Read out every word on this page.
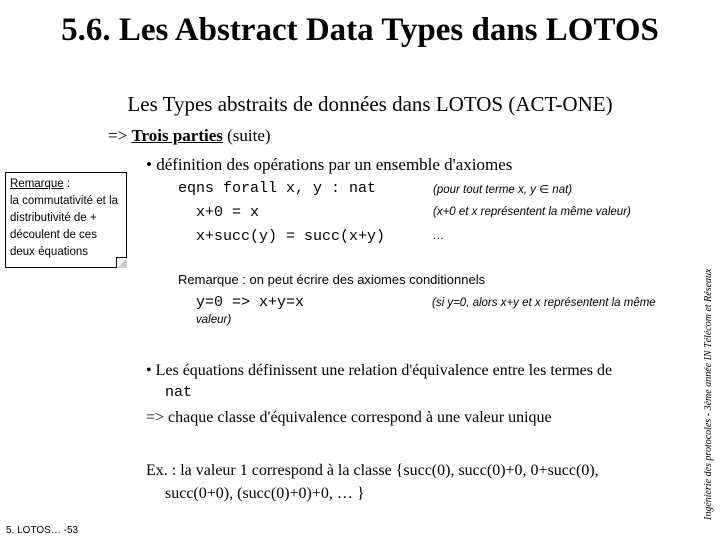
5.6. Les Abstract Data Types dans LOTOS
Les Types abstraits de données dans LOTOS (ACT-ONE)
=> Trois parties (suite)
• définition des opérations par un ensemble d'axiomes
Remarque :
la commutativité et la distributivité de + découlent de ces deux équations
eqns forall x, y : nat	(pour tout terme x, y ∈ nat)
x+0 = x	(x+0 et x représentent la même valeur)
x+succ(y) = succ(x+y)	…
Remarque : on peut écrire des axiomes conditionnels
y=0 => x+y=x	(si y=0, alors x+y et x représentent la même
valeur)
• Les équations définissent une relation d'équivalence entre les termes de
nat
=> chaque classe d'équivalence correspond à une valeur unique
Ex. : la valeur 1 correspond à la classe {succ(0), succ(0)+0, 0+succ(0),
succ(0+0), (succ(0)+0)+0, … }	Ingénierie des protocoles - 3ème année IN Télécom et Réseaux
5. LOTOS… -53
